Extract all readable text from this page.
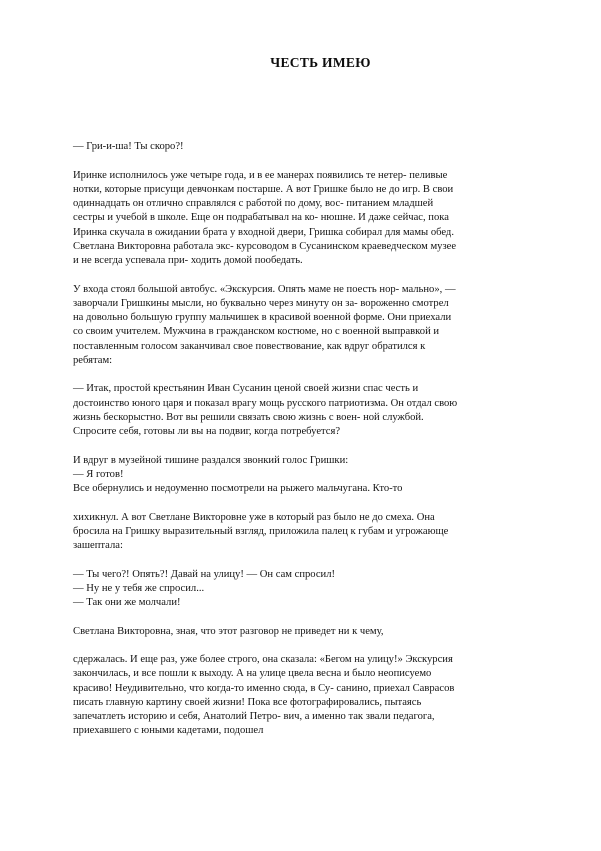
ЧЕСТЬ ИМЕЮ
— Гри-и-ша! Ты скоро?!
Иринке исполнилось уже четыре года, и в ее манерах появились те нетер- пеливые
нотки, которые присущи девчонкам постарше. А вот Гришке было не до игр. В свои
одиннадцать он отлично справлялся с работой по дому, вос- питанием младшей
сестры и учебой в школе. Еще он подрабатывал на ко- нюшне. И даже сейчас, пока
Иринка скучала в ожидании брата у входной двери, Гришка собирал для мамы обед.
Светлана Викторовна работала экс- курсоводом в Сусанинском краеведческом музее
и не всегда успевала при- ходить домой пообедать.
У входа стоял большой автобус. «Экскурсия. Опять маме не поесть нор- мально», —
заворчали Гришкины мысли, но буквально через минуту он за- вороженно смотрел
на довольно большую группу мальчишек в красивой военной форме. Они приехали
со своим учителем. Мужчина в гражданском костюме, но с военной выправкой и
поставленным голосом заканчивал свое повествование, как вдруг обратился к
ребятам:
— Итак, простой крестьянин Иван Сусанин ценой своей жизни спас честь и
достоинство юного царя и показал врагу мощь русского патриотизма. Он отдал свою
жизнь бескорыстно. Вот вы решили связать свою жизнь с воен- ной службой.
Спросите себя, готовы ли вы на подвиг, когда потребуется?
И вдруг в музейной тишине раздался звонкий голос Гришки:
— Я готов!
Все обернулись и недоуменно посмотрели на рыжего мальчугана. Кто-то
хихикнул. А вот Светлане Викторовне уже в который раз было не до смеха. Она
бросила на Гришку выразительный взгляд, приложила палец к губам и угрожающе
зашептала:
— Ты чего?! Опять?! Давай на улицу! — Он сам спросил!
— Ну не у тебя же спросил...
— Так они же молчали!
Светлана Викторовна, зная, что этот разговор не приведет ни к чему,
сдержалась. И еще раз, уже более строго, она сказала: «Бегом на улицу!» Экскурсия
закончилась, и все пошли к выходу. А на улице цвела весна и было неописуемо
красиво! Неудивительно, что когда-то именно сюда, в Су- санино, приехал Саврасов
писать главную картину своей жизни! Пока все фотографировались, пытаясь
запечатлеть историю и себя, Анатолий Петро- вич, а именно так звали педагога,
приехавшего с юными кадетами, подошел
